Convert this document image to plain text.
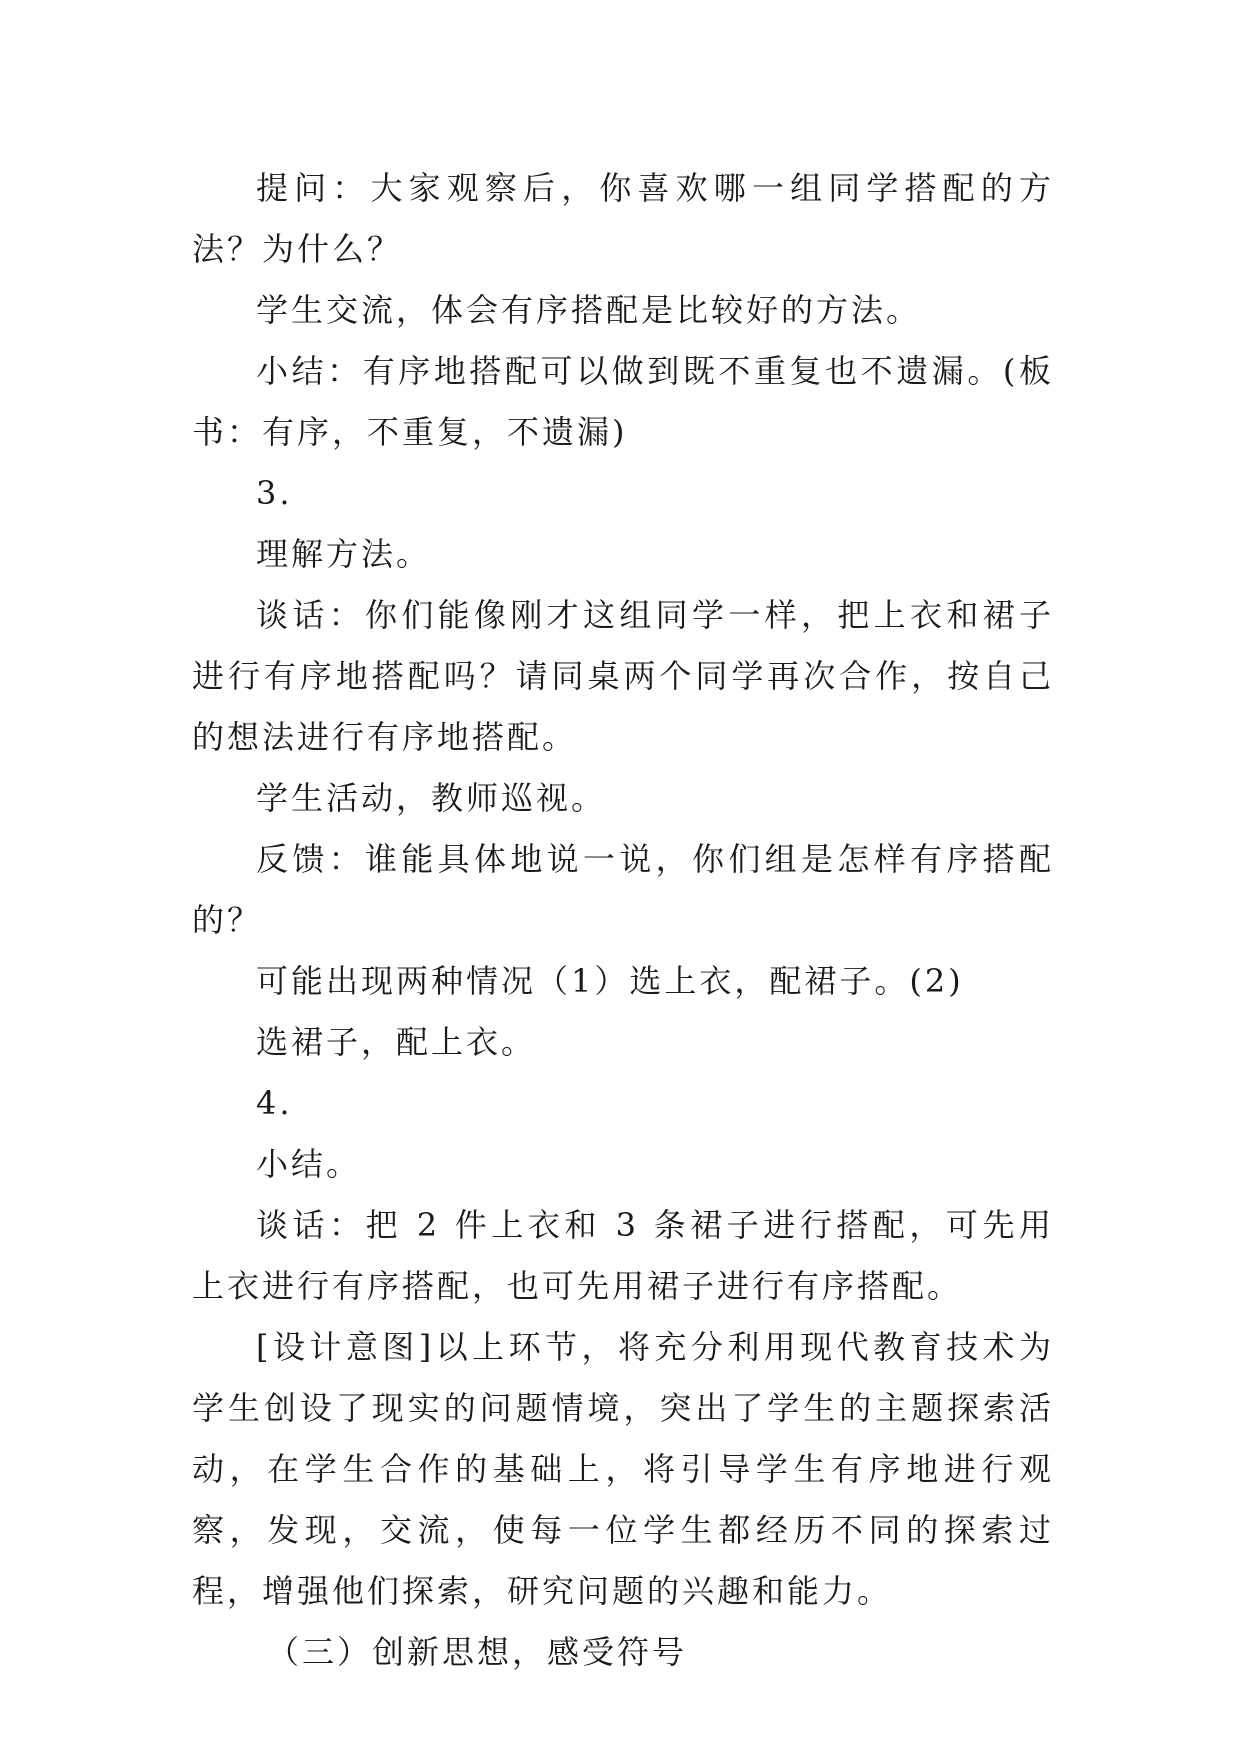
提问：大家观察后，你喜欢哪一组同学搭配的方法？为什么？

学生交流，体会有序搭配是比较好的方法。

小结：有序地搭配可以做到既不重复也不遗漏。(板书：有序，不重复，不遗漏)

3.

理解方法。

谈话：你们能像刚才这组同学一样，把上衣和裙子进行有序地搭配吗？请同桌两个同学再次合作，按自己的想法进行有序地搭配。

学生活动，教师巡视。

反馈：谁能具体地说一说，你们组是怎样有序搭配的？

可能出现两种情况（1）选上衣，配裙子。(2)

选裙子，配上衣。

4.

小结。

谈话：把 2 件上衣和 3 条裙子进行搭配，可先用上衣进行有序搭配，也可先用裙子进行有序搭配。

[设计意图]以上环节，将充分利用现代教育技术为学生创设了现实的问题情境，突出了学生的主题探索活动，在学生合作的基础上，将引导学生有序地进行观察，发现，交流，使每一位学生都经历不同的探索过程，增强他们探索，研究问题的兴趣和能力。

（三）创新思想，感受符号
